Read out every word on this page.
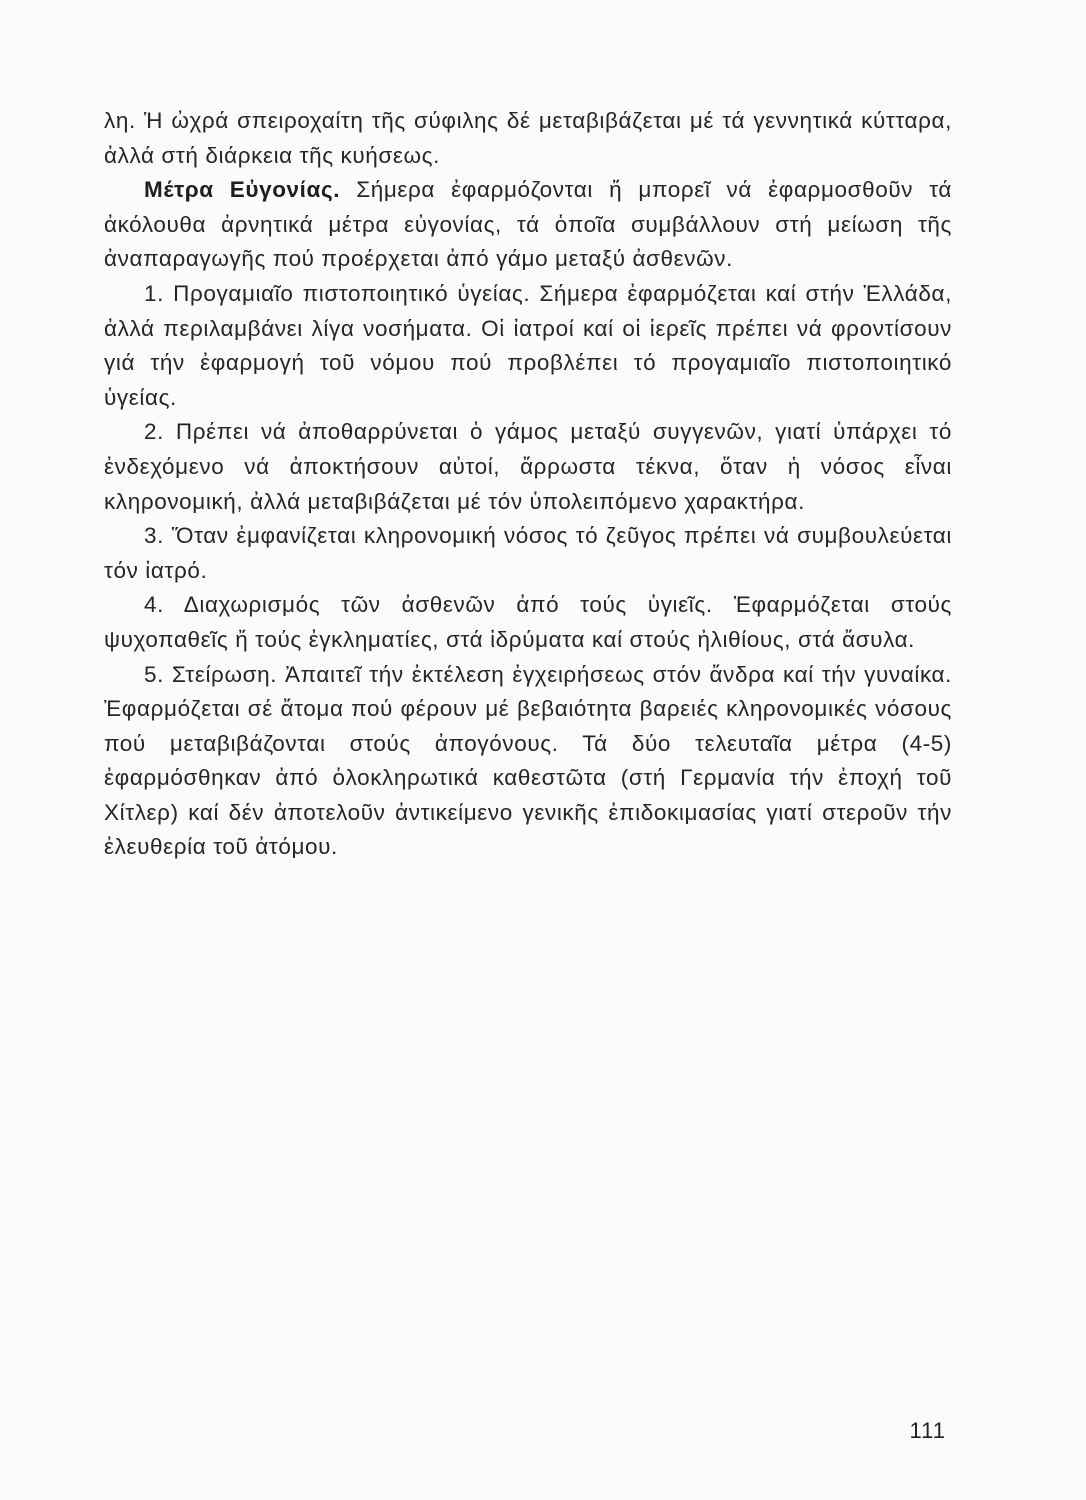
λη. Ἡ ὠχρά σπειροχαίτη τῆς σύφιλης δέ μεταβιβάζεται μέ τά γεννητικά κύτταρα, ἀλλά στή διάρκεια τῆς κυήσεως.

Μέτρα Εὐγονίας. Σήμερα ἐφαρμόζονται ἤ μπορεῖ νά ἐφαρμοσθοῦν τά ἀκόλουθα ἀρνητικά μέτρα εὐγονίας, τά ὁποῖα συμβάλλουν στή μείωση τῆς ἀναπαραγωγῆς πού προέρχεται ἀπό γάμο μεταξύ ἀσθενῶν.

1. Προγαμιαῖο πιστοποιητικό ὑγείας. Σήμερα ἐφαρμόζεται καί στήν Ἑλλάδα, ἀλλά περιλαμβάνει λίγα νοσήματα. Οἱ ἰατροί καί οἱ ἱερεῖς πρέπει νά φροντίσουν γιά τήν ἐφαρμογή τοῦ νόμου πού προβλέπει τό προγαμιαῖο πιστοποιητικό ὑγείας.

2. Πρέπει νά ἀποθαρρύνεται ὁ γάμος μεταξύ συγγενῶν, γιατί ὑπάρχει τό ἐνδεχόμενο νά ἀποκτήσουν αὐτοί, ἄρρωστα τέκνα, ὅταν ἡ νόσος εἶναι κληρονομική, ἀλλά μεταβιβάζεται μέ τόν ὑπολειπόμενο χαρακτήρα.

3. Ὅταν ἐμφανίζεται κληρονομική νόσος τό ζεῦγος πρέπει νά συμβουλεύεται τόν ἰατρό.

4. Διαχωρισμός τῶν ἀσθενῶν ἀπό τούς ὑγιεῖς. Ἐφαρμόζεται στούς ψυχοπαθεῖς ἤ τούς ἐγκληματίες, στά ἱδρύματα καί στούς ἠλιθίους, στά ἄσυλα.

5. Στείρωση. Ἀπαιτεῖ τήν ἐκτέλεση ἐγχειρήσεως στόν ἄνδρα καί τήν γυναίκα. Ἐφαρμόζεται σέ ἄτομα πού φέρουν μέ βεβαιότητα βαρειές κληρονομικές νόσους πού μεταβιβάζονται στούς ἀπογόνους. Τά δύο τελευταῖα μέτρα (4-5) ἐφαρμόσθηκαν ἀπό ὁλοκληρωτικά καθεστῶτα (στή Γερμανία τήν ἐποχή τοῦ Χίτλερ) καί δέν ἀποτελοῦν ἀντικείμενο γενικῆς ἐπιδοκιμασίας γιατί στεροῦν τήν ἐλευθερία τοῦ ἀτόμου.

111
